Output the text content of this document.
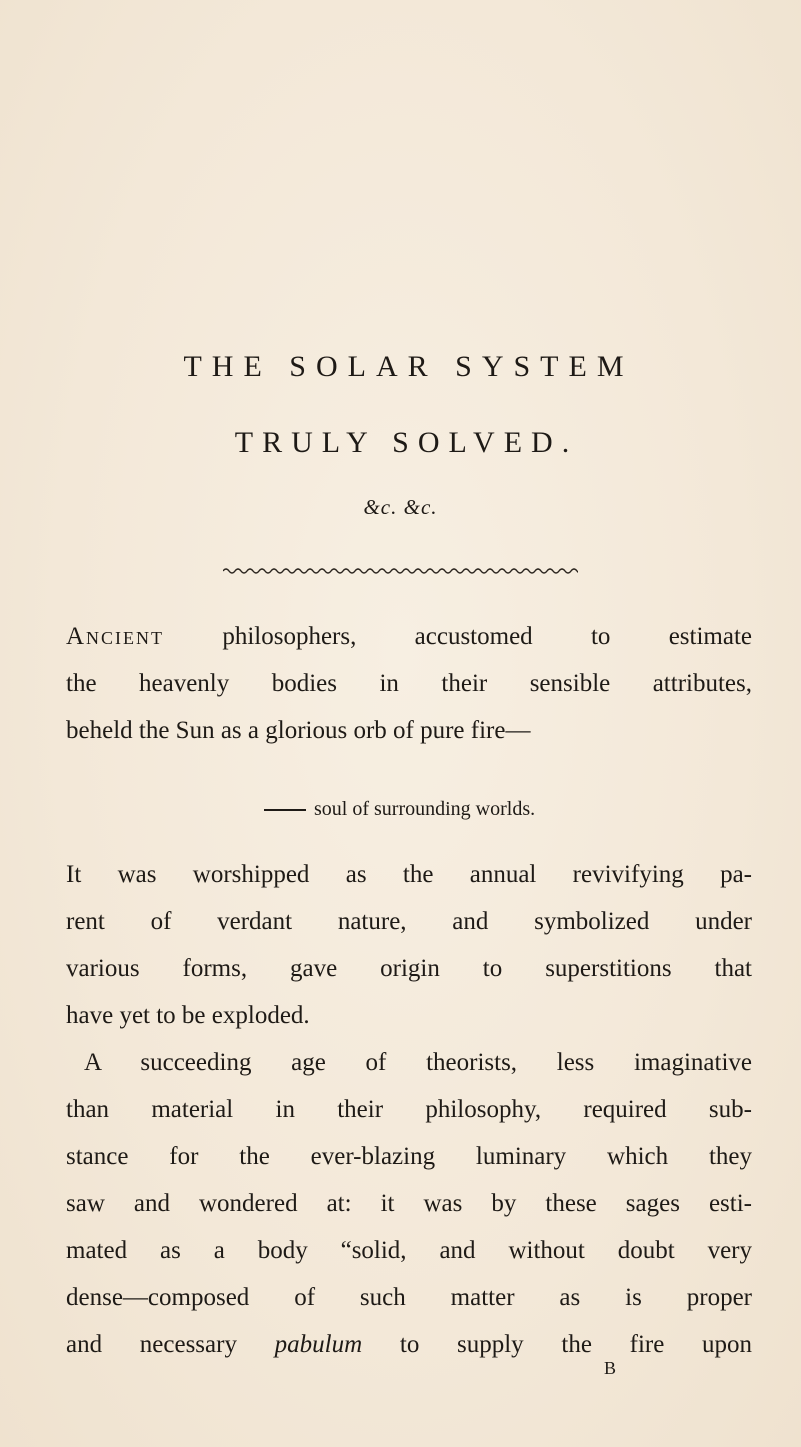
THE SOLAR SYSTEM
TRULY SOLVED.
&c. &c.
Ancient philosophers, accustomed to estimate
the heavenly bodies in their sensible attributes,
beheld the Sun as a glorious orb of pure fire—
soul of surrounding worlds.
It was worshipped as the annual revivifying pa-
rent of verdant nature, and symbolized under
various forms, gave origin to superstitions that
have yet to be exploded.
A succeeding age of theorists, less imaginative
than material in their philosophy, required sub-
stance for the ever-blazing luminary which they
saw and wondered at: it was by these sages esti-
mated as a body “solid, and without doubt very
dense—composed of such matter as is proper
and necessary pabulum to supply the fire upon
B
